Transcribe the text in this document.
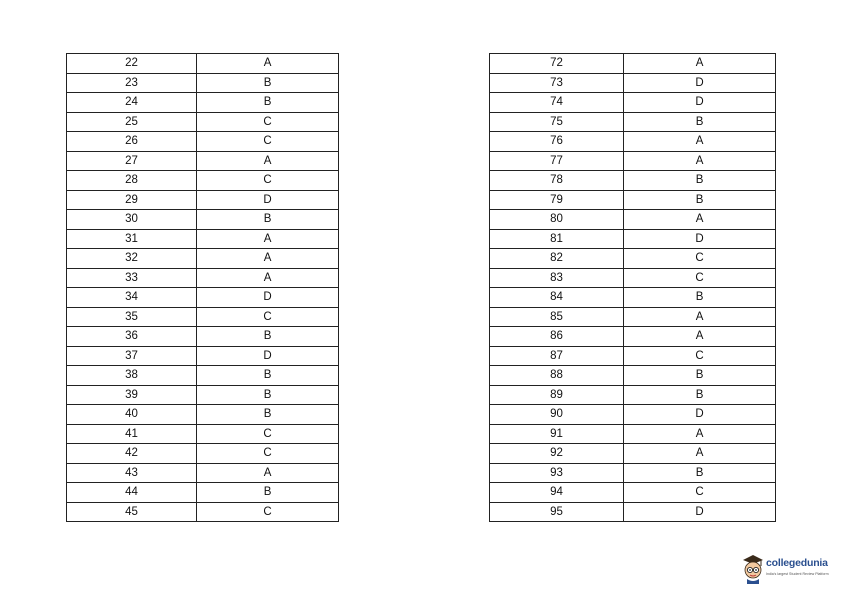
22	A
23	B
24	B
25	C
26	C
27	A
28	C
29	D
30	B
31	A
32	A
33	A
34	D
35	C
36	B
37	D
38	B
39	B
40	B
41	C
42	C
43	A
44	B
45	C
72	A
73	D
74	D
75	B
76	A
77	A
78	B
79	B
80	A
81	D
82	C
83	C
84	B
85	A
86	A
87	C
88	B
89	B
90	D
91	A
92	A
93	B
94	C
95	D
collegedunia
India's largest Student Review Platform
